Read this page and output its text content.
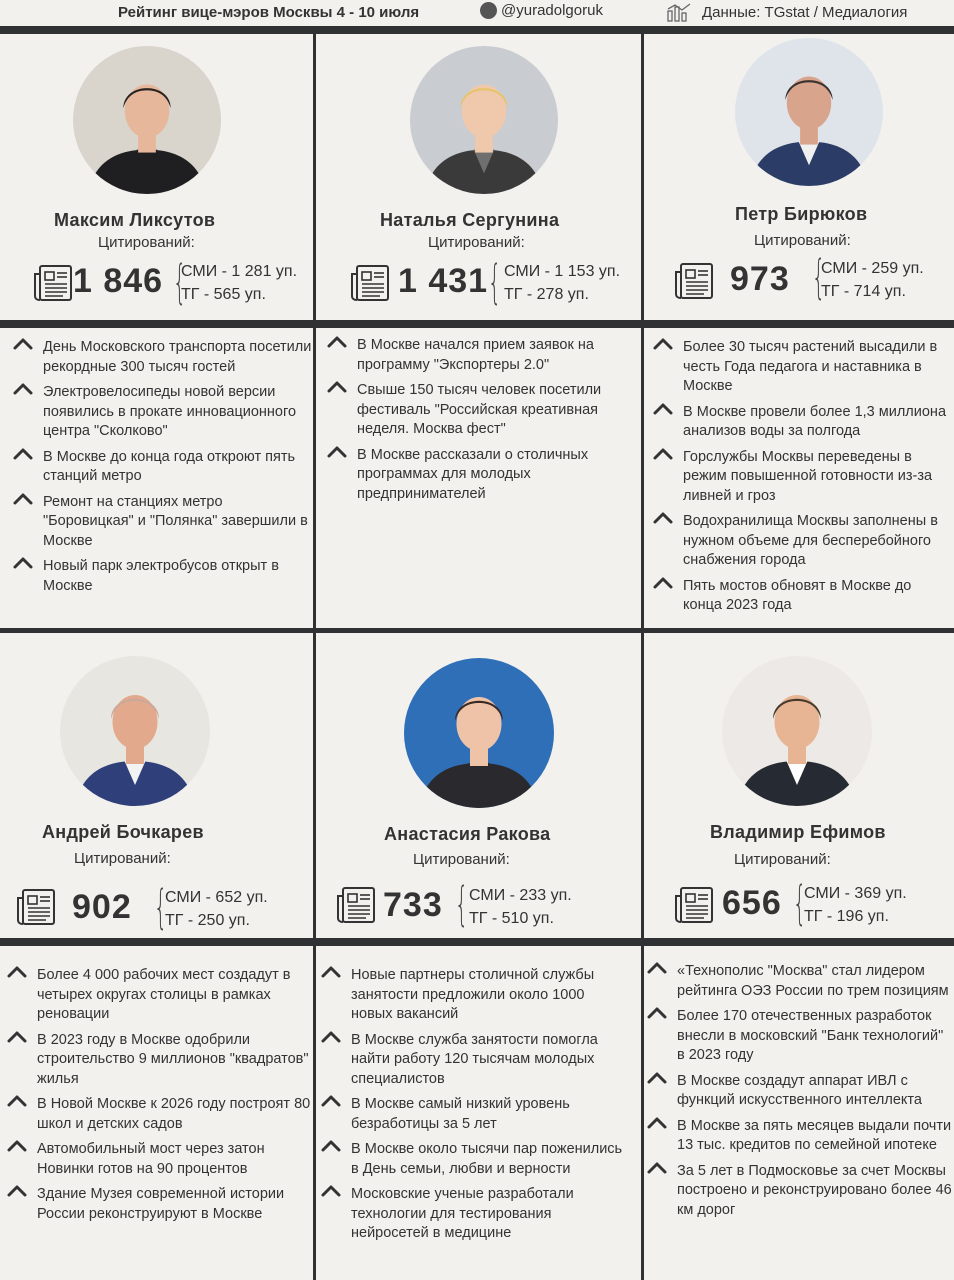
Рейтинг вице-мэров Москвы 4 - 10 июля	@yuradolgoruk	Данные: TGstat / Медиалогия
Максим Ликсутов
Цитирований:
1 846 {
СМИ - 1 281 уп.
ТГ - 565 уп.
День Московского транспорта посетили рекордные 300 тысяч гостей
Электровелосипеды новой версии появились в прокате инновационного центра "Сколково"
В Москве до конца года откроют пять станций метро
Ремонт на станциях метро "Боровицкая" и "Полянка" завершили в Москве
Новый парк электробусов открыт в Москве
Наталья Сергунина
Цитирований:
1 431 { СМИ - 1 153 уп.
ТГ - 278 уп.
В Москве начался прием заявок на программу "Экспортеры 2.0"
Свыше 150 тысяч человек посетили фестиваль "Российская креативная неделя. Москва фест"
В Москве рассказали о столичных программах для молодых предпринимателей
Петр Бирюков
Цитирований:
973 {
СМИ - 259 уп.
ТГ - 714 уп.
Более 30 тысяч растений высадили в честь Года педагога и наставника в Москве
В Москве провели более 1,3 миллиона анализов воды за полгода
Горслужбы Москвы переведены в режим повышенной готовности из-за ливней и гроз
Водохранилища Москвы заполнены в нужном объеме для бесперебойного снабжения города
Пять мостов обновят в Москве до конца 2023 года
Андрей Бочкарев
Цитирований:
902 {
СМИ - 652 уп.
ТГ - 250 уп.
Более 4 000 рабочих мест создадут в четырех округах столицы в рамках реновации
В 2023 году в Москве одобрили строительство 9 миллионов "квадратов" жилья
В Новой Москве к 2026 году построят 80 школ и детских садов
Автомобильный мост через затон Новинки готов на 90 процентов
Здание Музея современной истории России реконструируют в Москве
Анастасия Ракова
Цитирований:
733 { СМИ - 233 уп.
ТГ - 510 уп.
Новые партнеры столичной службы занятости предложили около 1000 новых вакансий
В Москве служба занятости помогла найти работу 120 тысячам молодых специалистов
В Москве самый низкий уровень безработицы за 5 лет
В Москве около тысячи пар поженились в День семьи, любви и верности
Московские ученые разработали технологии для тестирования нейросетей в медицине
Владимир Ефимов
Цитирований:
656 {
СМИ - 369 уп.
ТГ - 196 уп.
«Технополис "Москва" стал лидером рейтинга ОЭЗ России по трем позициям
Более 170 отечественных разработок внесли в московский "Банк технологий" в 2023 году
В Москве создадут аппарат ИВЛ с функций искусственного интеллекта
В Москве за пять месяцев выдали почти 13 тыс. кредитов по семейной ипотеке
За 5 лет в Подмосковье за счет Москвы построено и реконструировано более 46 км дорог
